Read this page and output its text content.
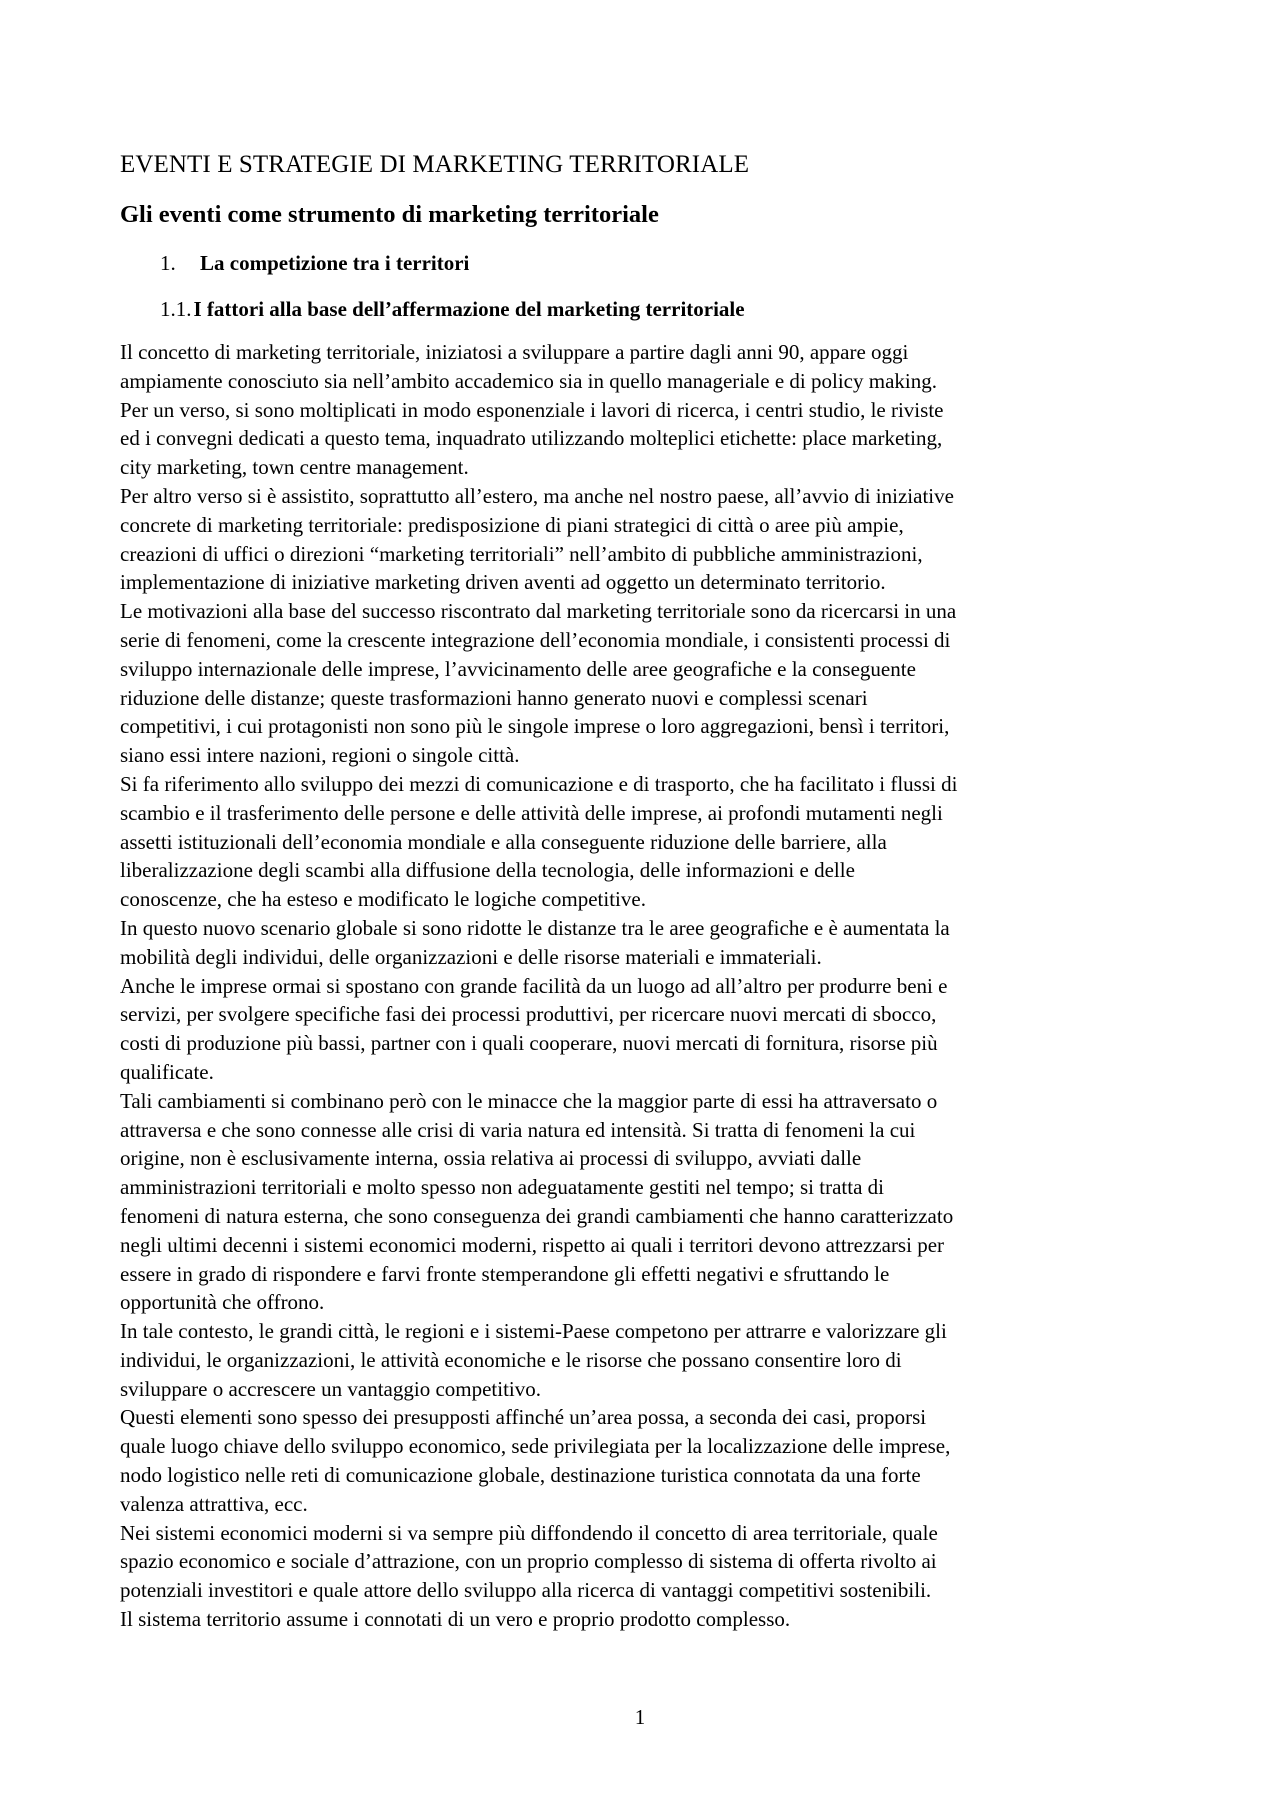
EVENTI E STRATEGIE DI MARKETING TERRITORIALE
Gli eventi come strumento di marketing territoriale
1.	La competizione tra i territori
1.1. I fattori alla base dell’affermazione del marketing territoriale

Il concetto di marketing territoriale, iniziatosi a sviluppare a partire dagli anni 90, appare oggi
ampiamente conosciuto sia nell’ambito accademico sia in quello manageriale e di policy making.
Per un verso, si sono moltiplicati in modo esponenziale i lavori di ricerca, i centri studio, le riviste
ed i convegni dedicati a questo tema, inquadrato utilizzando molteplici etichette: place marketing,
city marketing, town centre management.
Per altro verso si è assistito, soprattutto all’estero, ma anche nel nostro paese, all’avvio di iniziative
concrete di marketing territoriale: predisposizione di piani strategici di città o aree più ampie,
creazioni di uffici o direzioni “marketing territoriali” nell’ambito di pubbliche amministrazioni,
implementazione di iniziative marketing driven aventi ad oggetto un determinato territorio.
Le motivazioni alla base del successo riscontrato dal marketing territoriale sono da ricercarsi in una
serie di fenomeni, come la crescente integrazione dell’economia mondiale, i consistenti processi di
sviluppo internazionale delle imprese, l’avvicinamento delle aree geografiche e la conseguente
riduzione delle distanze; queste trasformazioni hanno generato nuovi e complessi scenari
competitivi, i cui protagonisti non sono più le singole imprese o loro aggregazioni, bensì i territori,
siano essi intere nazioni, regioni o singole città.
Si fa riferimento allo sviluppo dei mezzi di comunicazione e di trasporto, che ha facilitato i flussi di
scambio e il trasferimento delle persone e delle attività delle imprese, ai profondi mutamenti negli
assetti istituzionali dell’economia mondiale e alla conseguente riduzione delle barriere, alla
liberalizzazione degli scambi alla diffusione della tecnologia, delle informazioni e delle
conoscenze, che ha esteso e modificato le logiche competitive.
In questo nuovo scenario globale si sono ridotte le distanze tra le aree geografiche e è aumentata la
mobilità degli individui, delle organizzazioni e delle risorse materiali e immateriali.
Anche le imprese ormai si spostano con grande facilità da un luogo ad all’altro per produrre beni e
servizi, per svolgere specifiche fasi dei processi produttivi, per ricercare nuovi mercati di sbocco,
costi di produzione più bassi, partner con i quali cooperare, nuovi mercati di fornitura, risorse più
qualificate.
Tali cambiamenti si combinano però con le minacce che la maggior parte di essi ha attraversato o
attraversa e che sono connesse alle crisi di varia natura ed intensità. Si tratta di fenomeni la cui
origine, non è esclusivamente interna, ossia relativa ai processi di sviluppo, avviati dalle
amministrazioni territoriali e molto spesso non adeguatamente gestiti nel tempo; si tratta di
fenomeni di natura esterna, che sono conseguenza dei grandi cambiamenti che hanno caratterizzato
negli ultimi decenni i sistemi economici moderni, rispetto ai quali i territori devono attrezzarsi per
essere in grado di rispondere e farvi fronte stemperandone gli effetti negativi e sfruttando le
opportunità che offrono.
In tale contesto, le grandi città, le regioni e i sistemi-Paese competono per attrarre e valorizzare gli
individui, le organizzazioni, le attività economiche e le risorse che possano consentire loro di
svilupparе o accrescere un vantaggio competitivo.
Questi elementi sono spesso dei presupposti affinché un’area possa, a seconda dei casi, proporsi
quale luogo chiave dello sviluppo economico, sede privilegiata per la localizzazione delle imprese,
nodo logistico nelle reti di comunicazione globale, destinazione turistica connotata da una forte
valenza attrattiva, ecc.
Nei sistemi economici moderni si va sempre più diffondendo il concetto di area territoriale, quale
spazio economico e sociale d’attrazione, con un proprio complesso di sistema di offerta rivolto ai
potenziali investitori e quale attore dello sviluppo alla ricerca di vantaggi competitivi sostenibili.
Il sistema territorio assume i connotati di un vero e proprio prodotto complesso.

1
